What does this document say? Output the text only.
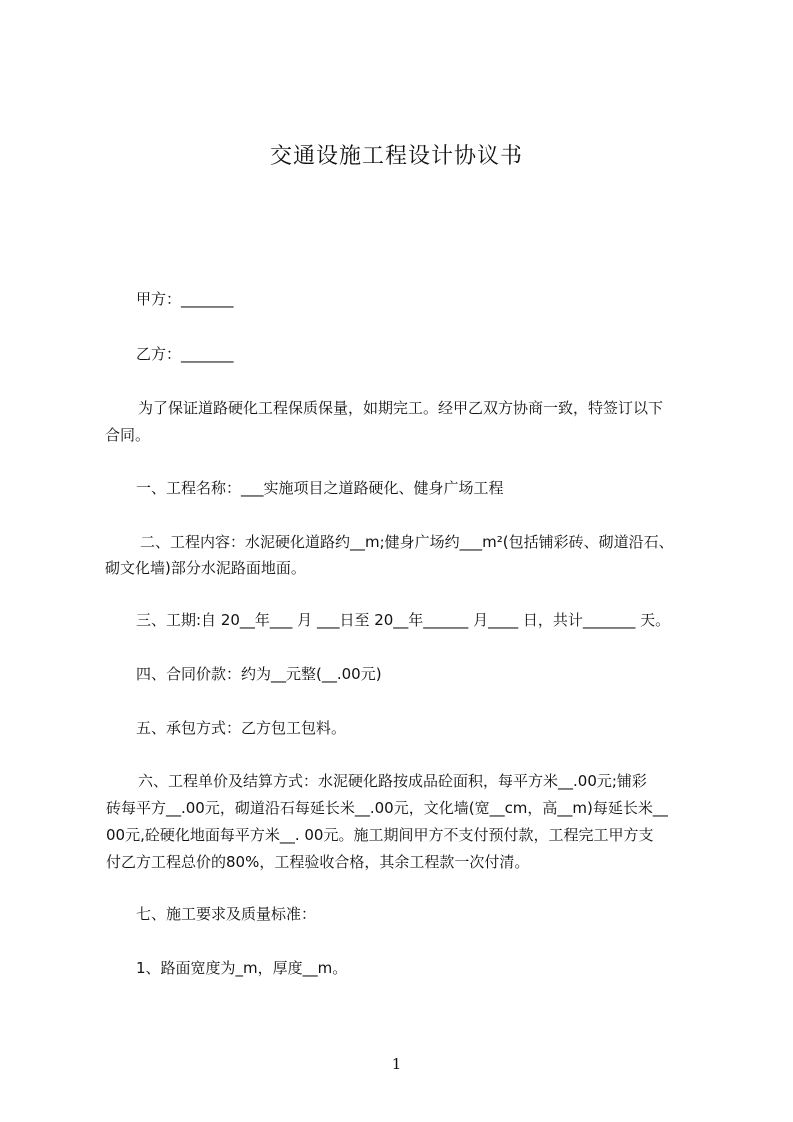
交通设施工程设计协议书
甲方：_______
乙方：_______
为了保证道路硬化工程保质保量，如期完工。经甲乙双方协商一致，特签订以下
合同。
一、工程名称：___实施项目之道路硬化、健身广场工程
二、工程内容：水泥硬化道路约__m;健身广场约___m²(包括铺彩砖、砌道沿石、
砌文化墙)部分水泥路面地面。
三、工期:自 20__年___ 月 ___日至 20__年______ 月____ 日，共计_______ 天。
四、合同价款：约为__元整(__.00元)
五、承包方式：乙方包工包料。
六、工程单价及结算方式：水泥硬化路按成品砼面积，每平方米__.00元;铺彩
砖每平方__.00元，砌道沿石每延长米__.00元，文化墙(宽__cm，高__m)每延长米__
00元,砼硬化地面每平方米__. 00元。施工期间甲方不支付预付款，工程完工甲方支
付乙方工程总价的80%，工程验收合格，其余工程款一次付清。
七、施工要求及质量标准：
1、路面宽度为_m，厚度__m。
1
